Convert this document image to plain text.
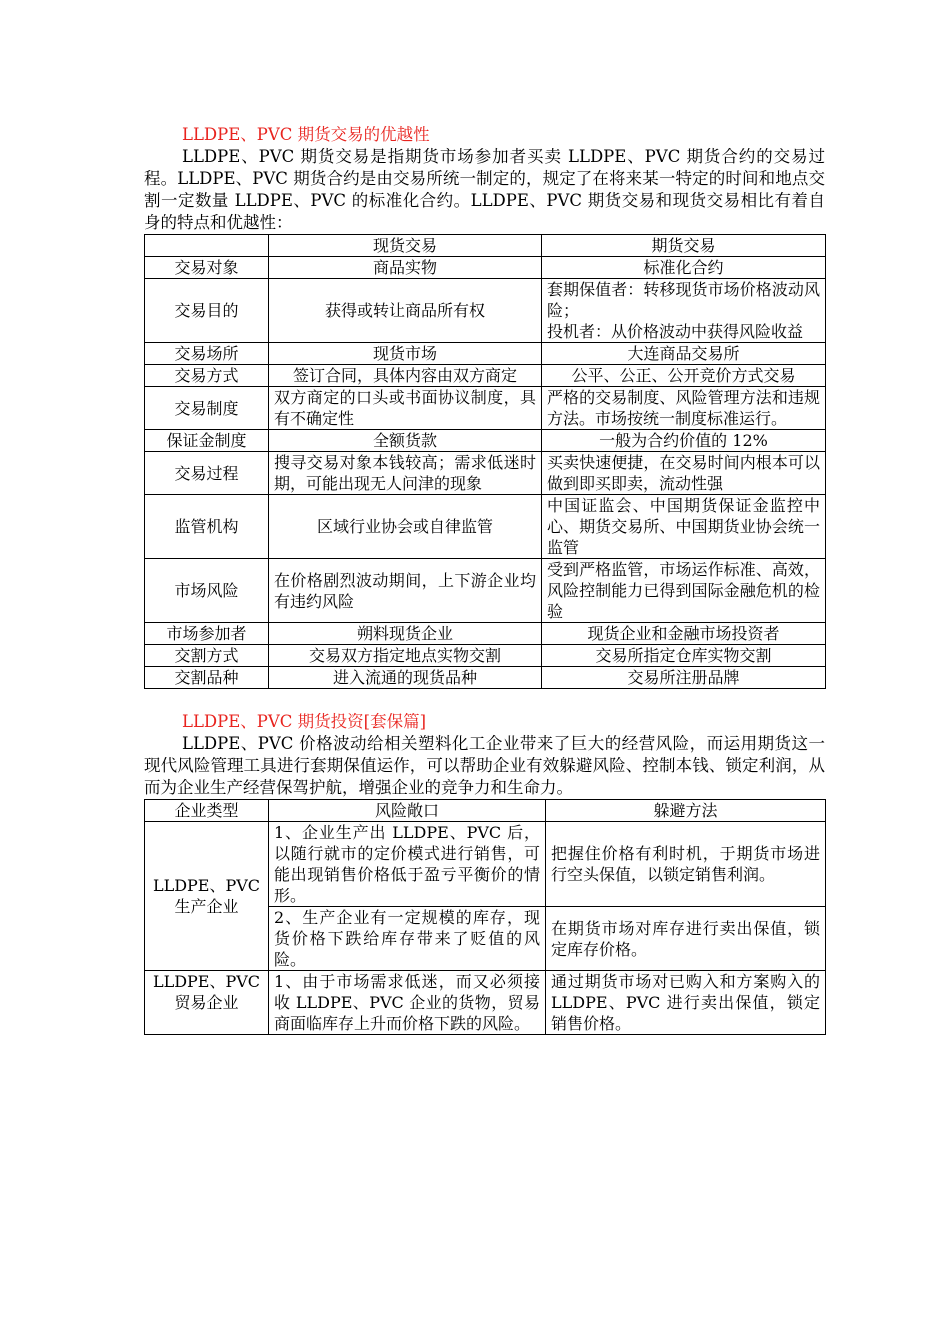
LLDPE、PVC 期货交易的优越性

LLDPE、PVC 期货交易是指期货市场参加者买卖 LLDPE、PVC 期货合约的交易过程。LLDPE、PVC 期货合约是由交易所统一制定的，规定了在将来某一特定的时间和地点交割一定数量 LLDPE、PVC 的标准化合约。LLDPE、PVC 期货交易和现货交易相比有着自身的特点和优越性：

	现货交易	期货交易
交易对象	商品实物	标准化合约
交易目的	获得或转让商品所有权	套期保值者：转移现货市场价格波动风险；
投机者：从价格波动中获得风险收益
交易场所	现货市场	大连商品交易所
交易方式	签订合同，具体内容由双方商定	公平、公正、公开竞价方式交易
交易制度	双方商定的口头或书面协议制度，具有不确定性	严格的交易制度、风险管理方法和违规方法。市场按统一制度标准运行。
保证金制度	全额货款	一般为合约价值的 12%
交易过程	搜寻交易对象本钱较高；需求低迷时期，可能出现无人问津的现象	买卖快速便捷，在交易时间内根本可以做到即买即卖，流动性强
监管机构	区域行业协会或自律监管	中国证监会、中国期货保证金监控中心、期货交易所、中国期货业协会统一监管
市场风险	在价格剧烈波动期间，上下游企业均有违约风险	受到严格监管，市场运作标准、高效，风险控制能力已得到国际金融危机的检验
市场参加者	朔料现货企业	现货企业和金融市场投资者
交割方式	交易双方指定地点实物交割	交易所指定仓库实物交割
交割品种	进入流通的现货品种	交易所注册品牌
LLDPE、PVC 期货投资[套保篇]

LLDPE、PVC 价格波动给相关塑料化工企业带来了巨大的经营风险，而运用期货这一现代风险管理工具进行套期保值运作，可以帮助企业有效躲避风险、控制本钱、锁定利润，从而为企业生产经营保驾护航，增强企业的竞争力和生命力。

企业类型	风险敞口	躲避方法
LLDPE、PVC 生产企业	1、企业生产出 LLDPE、PVC 后，以随行就市的定价模式进行销售，可能出现销售价格低于盈亏平衡价的情形。	把握住价格有利时机，于期货市场进行空头保值，以锁定销售利润。
	2、生产企业有一定规模的库存，现货价格下跌给库存带来了贬值的风险。	在期货市场对库存进行卖出保值，锁定库存价格。
LLDPE、PVC 贸易企业	1、由于市场需求低迷，而又必须接收 LLDPE、PVC 企业的货物，贸易商面临库存上升而价格下跌的风险。	通过期货市场对已购入和方案购入的 LLDPE、PVC 进行卖出保值，锁定销售价格。
